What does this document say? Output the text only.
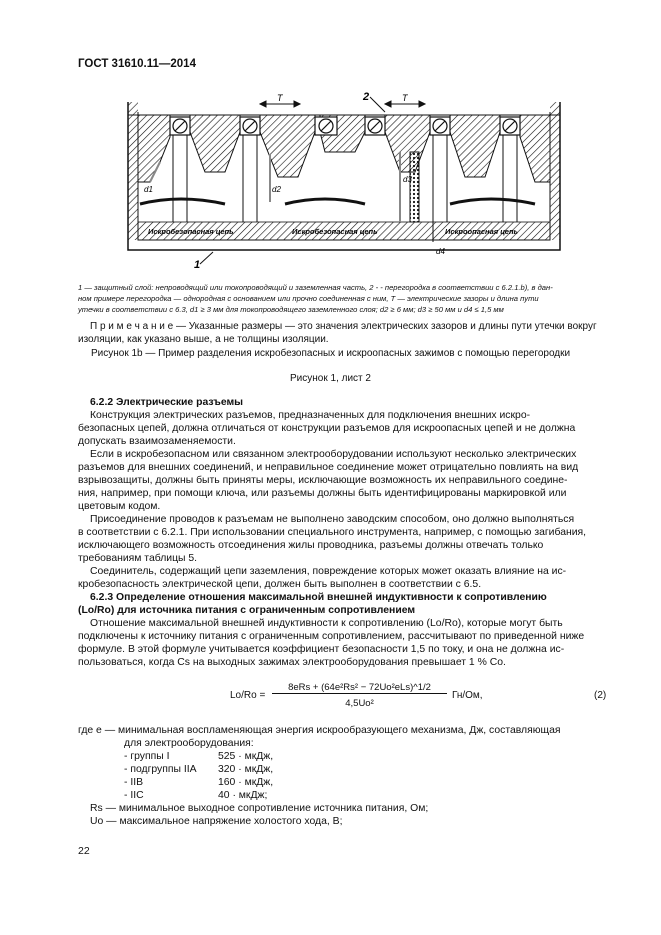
ГОСТ 31610.11—2014
T	T
2
1
d1	d2
d3
d4
Искробезопасная цепь	Искробезопасная цепь	Искроопасная цепь
1 — защитный слой: непроводящий или токопроводящий и заземленная часть, 2 - - перегородка в соответствии с 6.2.1.b), в дан-
ном примере перегородка — однородная с основанием или прочно соединенная с ним, T — электрические зазоры и длина пути
утечки в соответствии с 6.3, d1 ≥ 3 мм для токопроводящего заземленного слоя; d2 ≥ 6 мм; d3 ≥ 50 мм и d4 ≤ 1,5 мм
П р и м е ч а н и е — Указанные размеры — это значения электрических зазоров и длины пути утечки вокруг
изоляции, как указано выше, а не толщины изоляции.
Рисунок 1b — Пример разделения искробезопасных и искроопасных зажимов с помощью перегородки
Рисунок 1, лист 2
6.2.2 Электрические разъемы
Конструкция электрических разъемов, предназначенных для подключения внешних искро-
безопасных цепей, должна отличаться от конструкции разъемов для искроопасных цепей и не должна
допускать взаимозаменяемости.
Если в искробезопасном или связанном электрооборудовании используют несколько электрических
разъемов для внешних соединений, и неправильное соединение может отрицательно повлиять на вид
взрывозащиты, должны быть приняты меры, исключающие возможность их неправильного соедине-
ния, например, при помощи ключа, или разъемы должны быть идентифицированы маркировкой или
цветовым кодом.
Присоединение проводов к разъемам не выполнено заводским способом, оно должно выполняться
в соответствии с 6.2.1. При использовании специального инструмента, например, с помощью загибания,
исключающего возможность отсоединения жилы проводника, разъемы должны отвечать только
требованиям таблицы 5.
Соединитель, содержащий цепи заземления, повреждение которых может оказать влияние на ис-
кробезопасность электрической цепи, должен быть выполнен в соответствии с 6.5.
6.2.3 Определение отношения максимальной внешней индуктивности к сопротивлению
(Lo/Ro) для источника питания с ограниченным сопротивлением
Отношение максимальной внешней индуктивности к сопротивлению (Lo/Ro), которые могут быть
подключены к источнику питания с ограниченным сопротивлением, рассчитывают по приведенной ниже
формуле. В этой формуле учитывается коэффициент безопасности 1,5 по току, и она не должна ис-
пользоваться, когда Cs на выходных зажимах электрооборудования превышает 1 % Co.
Lo/Ro =
8eRs + (64e²Rs² − 72Uo²eLs)^1/2
4,5Uo²
Гн/Ом,	(2)
где e — минимальная воспламеняющая энергия искрообразующего механизма, Дж, составляющая
для электрооборудования:
- группы I	525 · мкДж,
- подгруппы IIA	320 · мкДж,
- IIB	160 · мкДж,
- IIC	40 · мкДж;
Rs — минимальное выходное сопротивление источника питания, Ом;
Uo — максимальное напряжение холостого хода, В;
22
